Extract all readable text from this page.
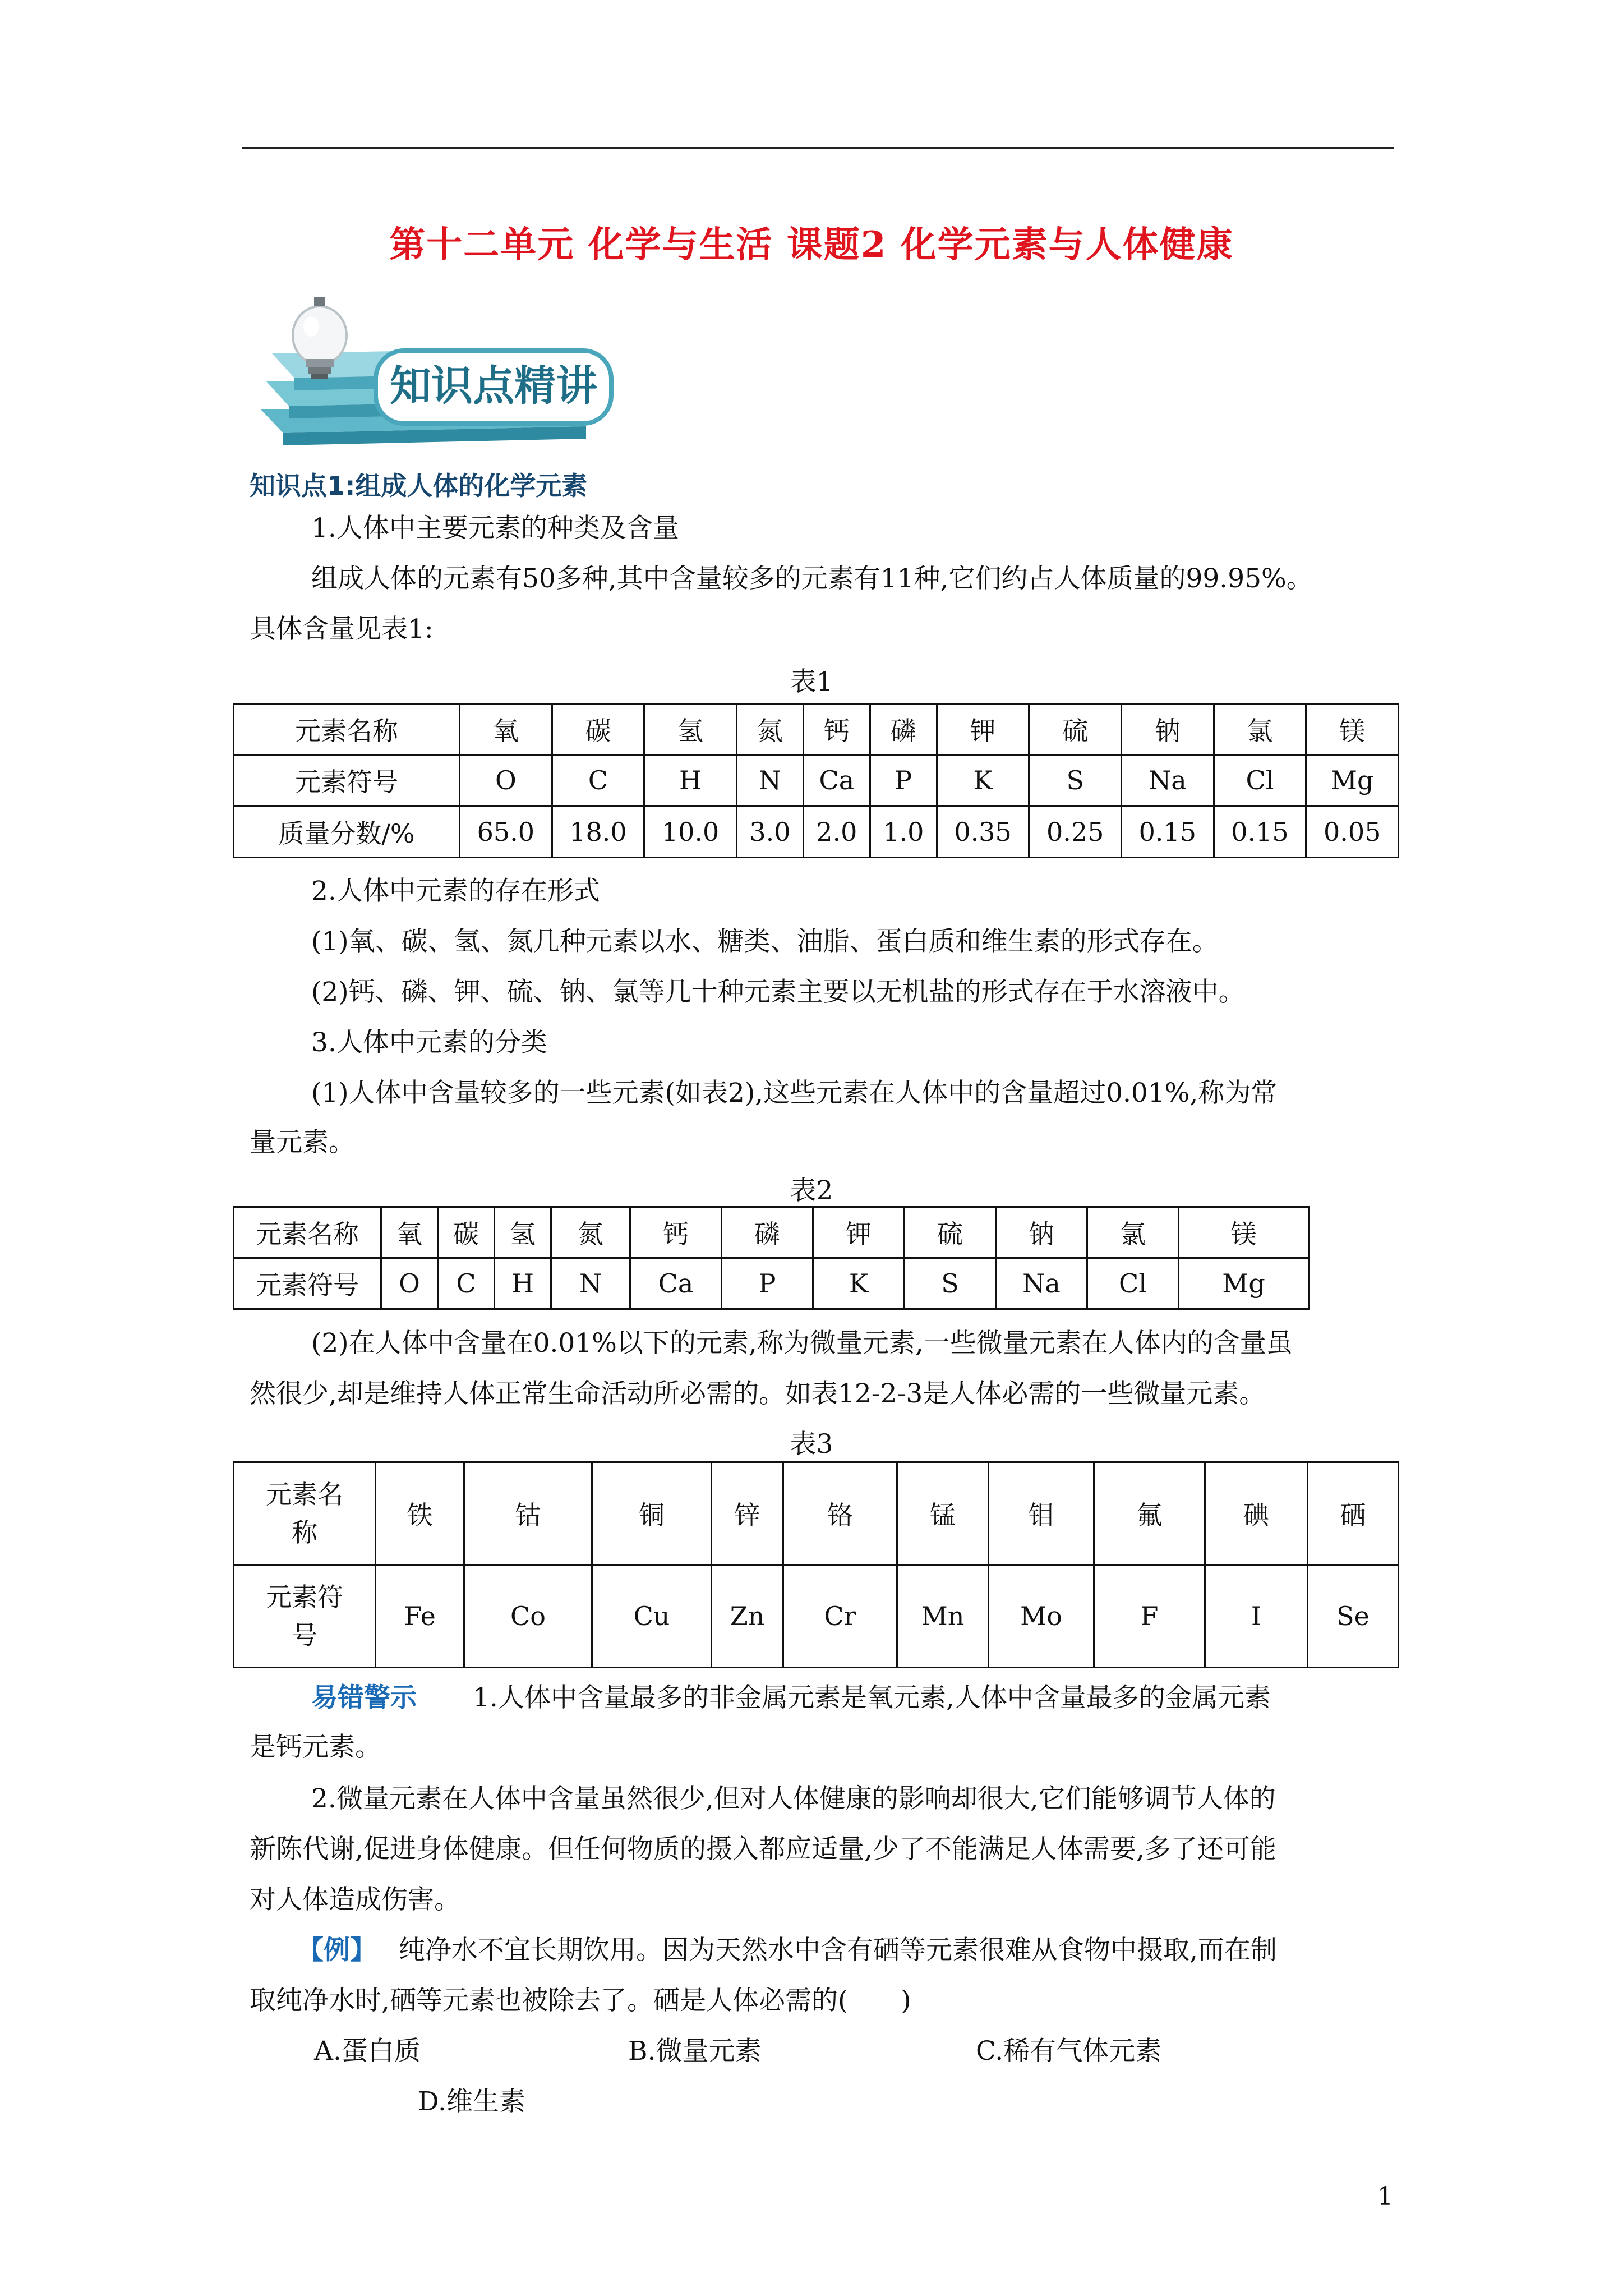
第十二单元 化学与生活 课题2 化学元素与人体健康
知识点精讲
知识点1:组成人体的化学元素
1.人体中主要元素的种类及含量
组成人体的元素有50多种,其中含量较多的元素有11种,它们约占人体质量的99.95%。
具体含量见表1:
表1
元素名称	氧	碳	氢	氮	钙	磷	钾	硫	钠	氯	镁
元素符号	O	C	H	N	Ca	P	K	S	Na	Cl	Mg
质量分数/%	65.0	18.0	10.0	3.0	2.0	1.0	0.35	0.25	0.15	0.15	0.05
2.人体中元素的存在形式
(1)氧、碳、氢、氮几种元素以水、糖类、油脂、蛋白质和维生素的形式存在。
(2)钙、磷、钾、硫、钠、氯等几十种元素主要以无机盐的形式存在于水溶液中。
3.人体中元素的分类
(1)人体中含量较多的一些元素(如表2),这些元素在人体中的含量超过0.01%,称为常
量元素。
表2
元素名称	氧	碳	氢	氮	钙	磷	钾	硫	钠	氯	镁
元素符号	O	C	H	N	Ca	P	K	S	Na	Cl	Mg
(2)在人体中含量在0.01%以下的元素,称为微量元素,一些微量元素在人体内的含量虽
然很少,却是维持人体正常生命活动所必需的。如表12-2-3是人体必需的一些微量元素。
表3
元素名
称	铁	钴	铜	锌	铬	锰	钼	氟	碘	硒

元素符
号	Fe	Co	Cu	Zn	Cr	Mn	Mo	F	I	Se
易错警示 1.人体中含量最多的非金属元素是氧元素,人体中含量最多的金属元素
是钙元素。
2.微量元素在人体中含量虽然很少,但对人体健康的影响却很大,它们能够调节人体的
新陈代谢,促进身体健康。但任何物质的摄入都应适量,少了不能满足人体需要,多了还可能
对人体造成伤害。
【例】 纯净水不宜长期饮用。因为天然水中含有硒等元素很难从食物中摄取,而在制
取纯净水时,硒等元素也被除去了。硒是人体必需的(　　)
A.蛋白质	B.微量元素	C.稀有气体元素
D.维生素
1
